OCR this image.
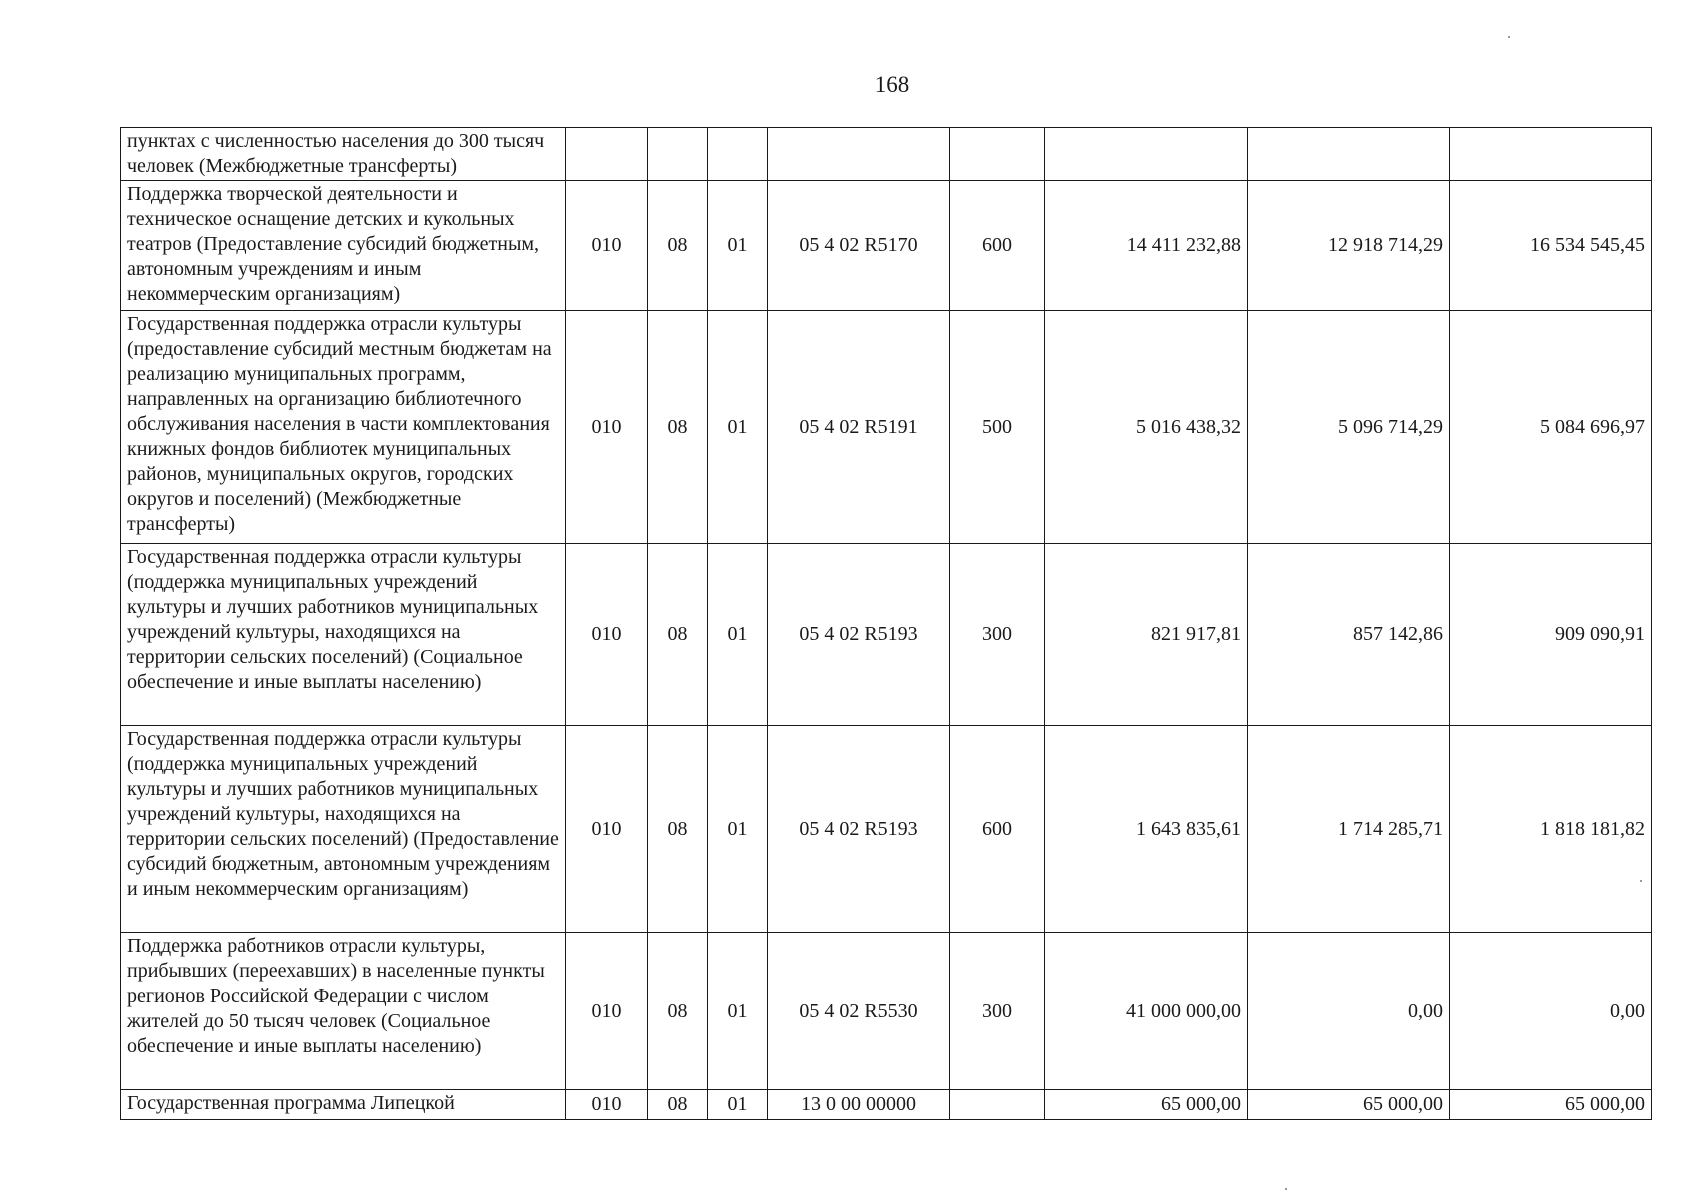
168
пунктах с численностью населения до 300 тысяч человек (Межбюджетные трансферты)								
Поддержка творческой деятельности и техническое оснащение детских и кукольных театров (Предоставление субсидий бюджетным, автономным учреждениям и иным некоммерческим организациям)	010	08	01	05 4 02 R5170	600	14 411 232,88	12 918 714,29	16 534 545,45
Государственная поддержка отрасли культуры (предоставление субсидий местным бюджетам на реализацию муниципальных программ, направленных на организацию библиотечного обслуживания населения в части комплектования книжных фондов библиотек муниципальных районов, муниципальных округов, городских округов и поселений) (Межбюджетные трансферты)	010	08	01	05 4 02 R5191	500	5 016 438,32	5 096 714,29	5 084 696,97
Государственная поддержка отрасли культуры (поддержка муниципальных учреждений культуры и лучших работников муниципальных учреждений культуры, находящихся на территории сельских поселений) (Социальное обеспечение и иные выплаты населению)	010	08	01	05 4 02 R5193	300	821 917,81	857 142,86	909 090,91
Государственная поддержка отрасли культуры (поддержка муниципальных учреждений культуры и лучших работников муниципальных учреждений культуры, находящихся на территории сельских поселений) (Предоставление субсидий бюджетным, автономным учреждениям и иным некоммерческим организациям)	010	08	01	05 4 02 R5193	600	1 643 835,61	1 714 285,71	1 818 181,82
Поддержка работников отрасли культуры, прибывших (переехавших) в населенные пункты регионов Российской Федерации с числом жителей до 50 тысяч человек (Социальное обеспечение и иные выплаты населению)	010	08	01	05 4 02 R5530	300	41 000 000,00	0,00	0,00
Государственная программа Липецкой	010	08	01	13 0 00 00000		65 000,00	65 000,00	65 000,00
